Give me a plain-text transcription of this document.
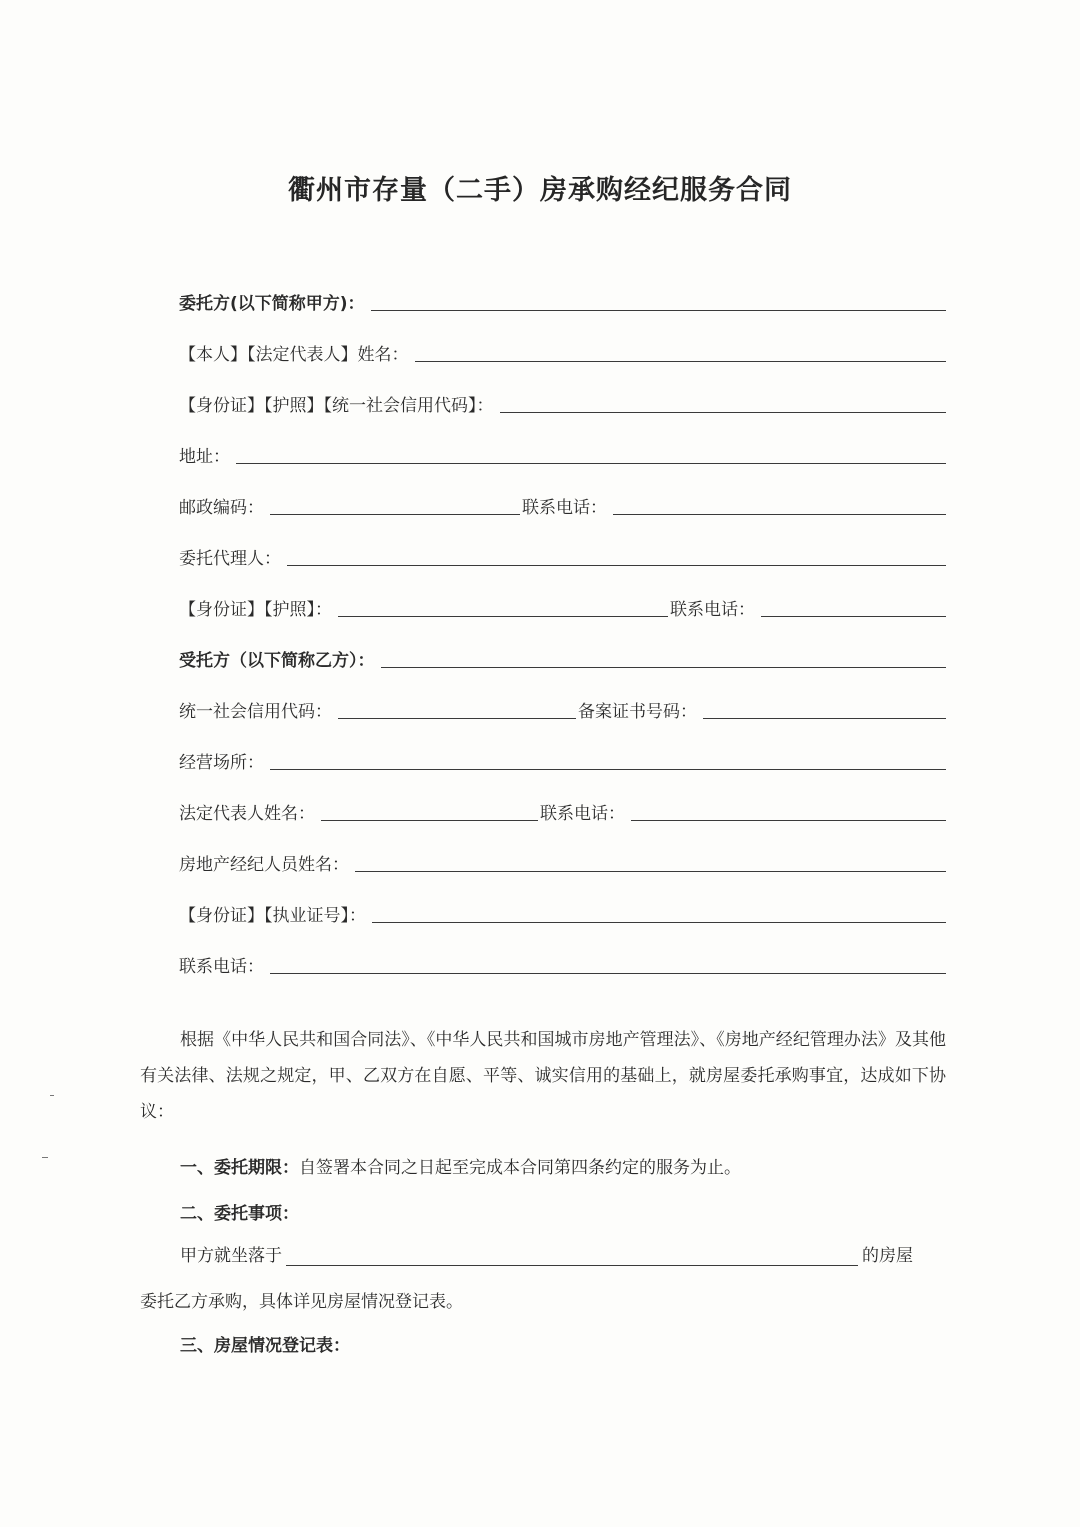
衢州市存量（二手）房承购经纪服务合同
委托方(以下简称甲方)：
【本人】【法定代表人】姓名：
【身份证】【护照】【统一社会信用代码】：
地址：
邮政编码：	联系电话：
委托代理人：
【身份证】【护照】：	联系电话：
受托方（以下简称乙方）：
统一社会信用代码：	备案证书号码：
经营场所：
法定代表人姓名：	联系电话：
房地产经纪人员姓名：
【身份证】【执业证号】：
联系电话：
根据《中华人民共和国合同法》、《中华人民共和国城市房地产管理法》、《房地产经纪管理办法》及其他有关法律、法规之规定，甲、乙双方在自愿、平等、诚实信用的基础上，就房屋委托承购事宜，达成如下协议：
一、委托期限：自签署本合同之日起至完成本合同第四条约定的服务为止。
二、委托事项：
甲方就坐落于	的房屋
委托乙方承购，具体详见房屋情况登记表。
三、房屋情况登记表：
